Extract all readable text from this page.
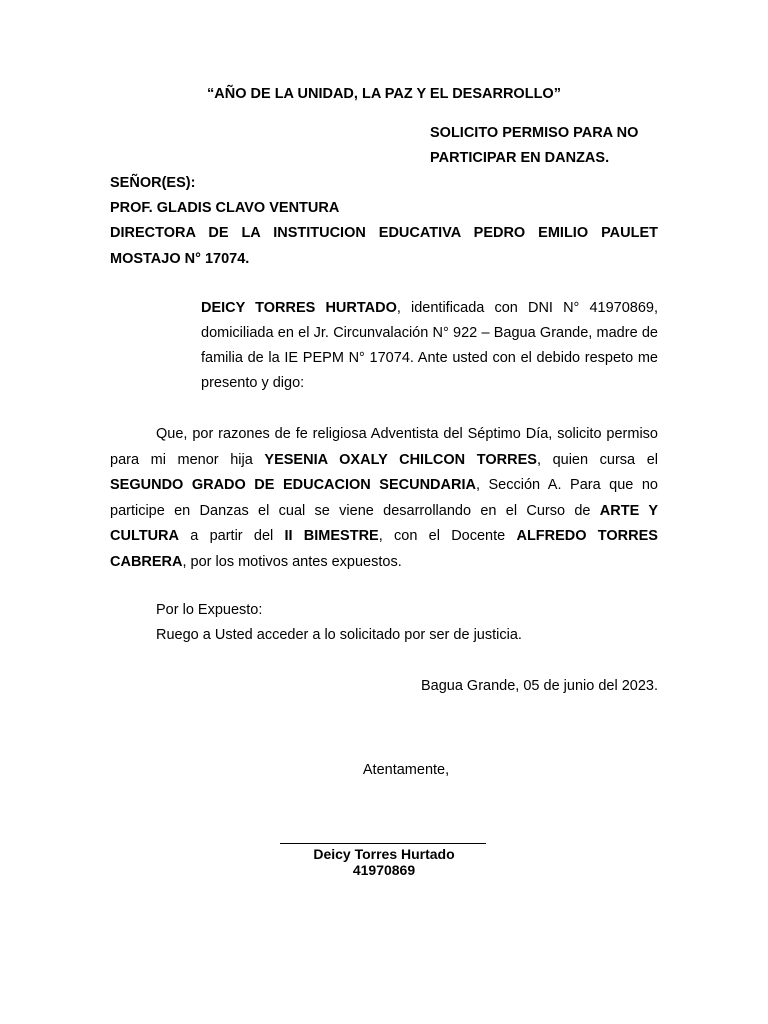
“AÑO DE LA UNIDAD, LA PAZ Y EL DESARROLLO”

SOLICITO PERMISO PARA NO

PARTICIPAR EN DANZAS.

SEÑOR(ES):

PROF. GLADIS CLAVO VENTURA

DIRECTORA DE LA INSTITUCION EDUCATIVA PEDRO EMILIO PAULET

MOSTAJO N° 17074.

DEICY TORRES HURTADO, identificada con DNI N° 41970869, domiciliada en el Jr. Circunvalación N° 922 – Bagua Grande, madre de familia de la IE PEPM N° 17074. Ante usted con el debido respeto me presento y digo:

Que, por razones de fe religiosa Adventista del Séptimo Día, solicito permiso para mi menor hija YESENIA OXALY CHILCON TORRES, quien cursa el SEGUNDO GRADO DE EDUCACION SECUNDARIA, Sección A. Para que no participe en Danzas el cual se viene desarrollando en el Curso de ARTE Y CULTURA a partir del II BIMESTRE, con el Docente ALFREDO TORRES CABRERA, por los motivos antes expuestos.

Por lo Expuesto:

Ruego a Usted acceder a lo solicitado por ser de justicia.

Bagua Grande, 05 de junio del 2023.

Atentamente,

Deicy Torres Hurtado

41970869
